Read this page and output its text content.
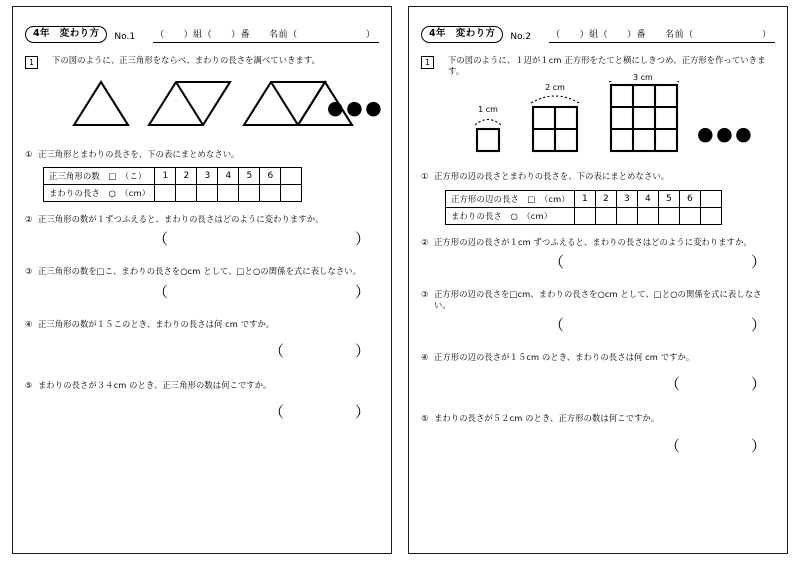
4年　変わり方	No.1 （　　）組（　　）番　　名前（	）
1	下の図のように、正三角形をならべ、まわりの長さを調べていきます。
●●●
① 正三角形とまわりの長さを、下の表にまとめなさい。
正三角形の数　□　（こ）	1	2	3	4	5	6	
まわりの長さ　○　（cm）							
② 正三角形の数が１ずつふえると、まわりの長さはどのように変わりますか。
（	）
③ 正三角形の数を□こ、まわりの長さを○cm として、□と○の関係を式に表しなさい。
（	）
④ 正三角形の数が１５このとき、まわりの長さは何 cm ですか。
（	）
⑤ まわりの長さが３４cm のとき、正三角形の数は何こですか。
（	）
4年　変わり方	No.2 （　　）組（　　）番　　名前（	）
1	下の図のように、１辺が１cm 正方形をたてと横にしきつめ、正方形を作っていきます。
1 cm
2 cm
3 cm
●●●
① 正方形の辺の長さとまわりの長さを、下の表にまとめなさい。
正方形の辺の長さ　□　（cm）	1	2	3	4	5	6	
まわりの長さ　○　（cm）							
② 正方形の辺の長さが１cm ずつふえると、まわりの長さはどのように変わりますか。
（	）
③ 正方形の辺の長さを□cm、まわりの長さを○cm として、□と○の関係を式に表しなさい。
（	）
④ 正方形の辺の長さが１５cm のとき、まわりの長さは何 cm ですか。
（	）
⑤ まわりの長さが５２cm のとき、正方形の数は何こですか。
（	）
